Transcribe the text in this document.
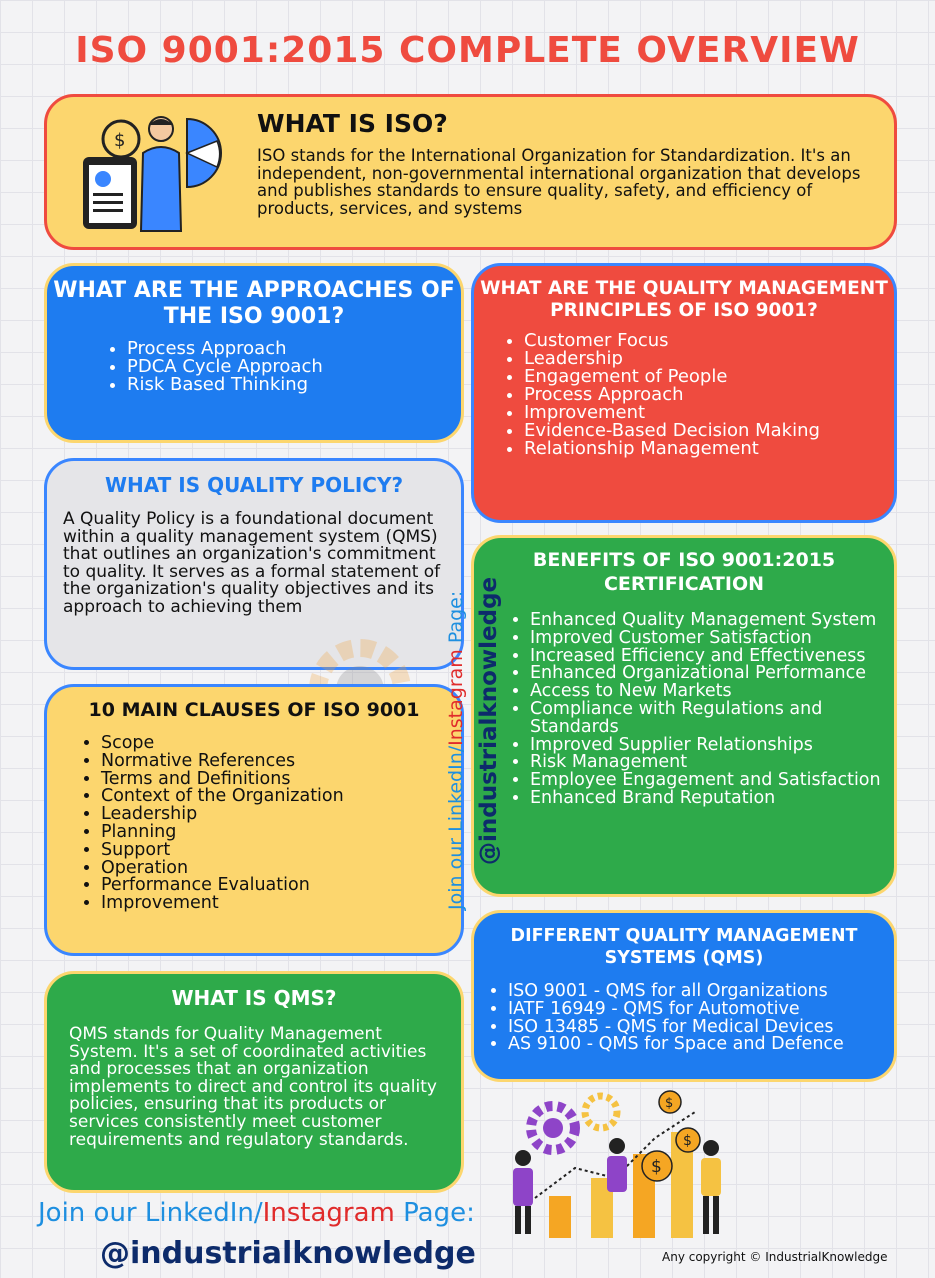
ISO 9001:2015 COMPLETE OVERVIEW
$
WHAT IS ISO?

ISO stands for the International Organization for Standardization. It's an independent, non-governmental international organization that develops and publishes standards to ensure quality, safety, and efficiency of products, services, and systems

WHAT ARE THE APPROACHES OF THE ISO 9001?
• Process Approach
• PDCA Cycle Approach
• Risk Based Thinking
WHAT ARE THE QUALITY MANAGEMENT PRINCIPLES OF ISO 9001?
• Customer Focus
• Leadership
• Engagement of People
• Process Approach
• Improvement
• Evidence-Based Decision Making
• Relationship Management
WHAT IS QUALITY POLICY?

A Quality Policy is a foundational document within a quality management system (QMS) that outlines an organization's commitment to quality. It serves as a formal statement of the organization's quality objectives and its approach to achieving them

BENEFITS OF ISO 9001:2015 CERTIFICATION
• Enhanced Quality Management System
• Improved Customer Satisfaction
• Increased Efficiency and Effectiveness
• Enhanced Organizational Performance
• Access to New Markets
• Compliance with Regulations and Standards
• Improved Supplier Relationships
• Risk Management
• Employee Engagement and Satisfaction
• Enhanced Brand Reputation
10 MAIN CLAUSES OF ISO 9001
• Scope
• Normative References
• Terms and Definitions
• Context of the Organization
• Leadership
• Planning
• Support
• Operation
• Performance Evaluation
• Improvement	Join our LinkedIn/Instagram Page: @industrialknowledge
DIFFERENT QUALITY MANAGEMENT SYSTEMS (QMS)
• ISO 9001 - QMS for all Organizations
• IATF 16949 - QMS for Automotive
• ISO 13485 - QMS for Medical Devices
• AS 9100 - QMS for Space and Defence
WHAT IS QMS?

QMS stands for Quality Management System. It's a set of coordinated activities and processes that an organization implements to direct and control its quality policies, ensuring that its products or services consistently meet customer requirements and regulatory standards.

$
$
$
Join our LinkedIn/Instagram Page:
@industrialknowledge	Any copyright © IndustrialKnowledge
